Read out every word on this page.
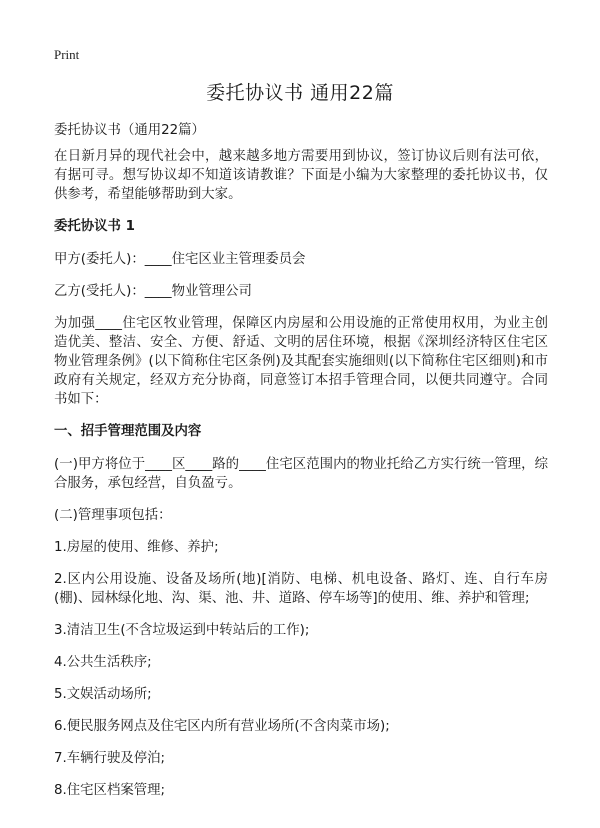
Print
委托协议书 通用22篇

委托协议书（通用22篇）

在日新月异的现代社会中，越来越多地方需要用到协议，签订协议后则有法可依，有据可寻。想写协议却不知道该请教谁？下面是小编为大家整理的委托协议书，仅供参考，希望能够帮助到大家。

委托协议书 1

甲方(委托人)：____住宅区业主管理委员会

乙方(受托人)：____物业管理公司

为加强____住宅区牧业管理，保障区内房屋和公用设施的正常使用权用，为业主创造优美、整洁、安全、方便、舒适、文明的居住环境，根据《深圳经济特区住宅区物业管理条例》(以下简称住宅区条例)及其配套实施细则(以下简称住宅区细则)和市政府有关规定，经双方充分协商，同意签订本招手管理合同，以便共同遵守。合同书如下：

一、招手管理范围及内容

(一)甲方将位于____区____路的____住宅区范围内的物业托给乙方实行统一管理，综合服务，承包经营，自负盈亏。

(二)管理事项包括：

1.房屋的使用、维修、养护;

2.区内公用设施、设备及场所(地)[消防、电梯、机电设备、路灯、连、自行车房(棚)、园林绿化地、沟、渠、池、井、道路、停车场等]的使用、维、养护和管理;

3.清洁卫生(不含垃圾运到中转站后的工作);

4.公共生活秩序;

5.文娱活动场所;

6.便民服务网点及住宅区内所有营业场所(不含肉菜市场);

7.车辆行驶及停泊;

8.住宅区档案管理;
